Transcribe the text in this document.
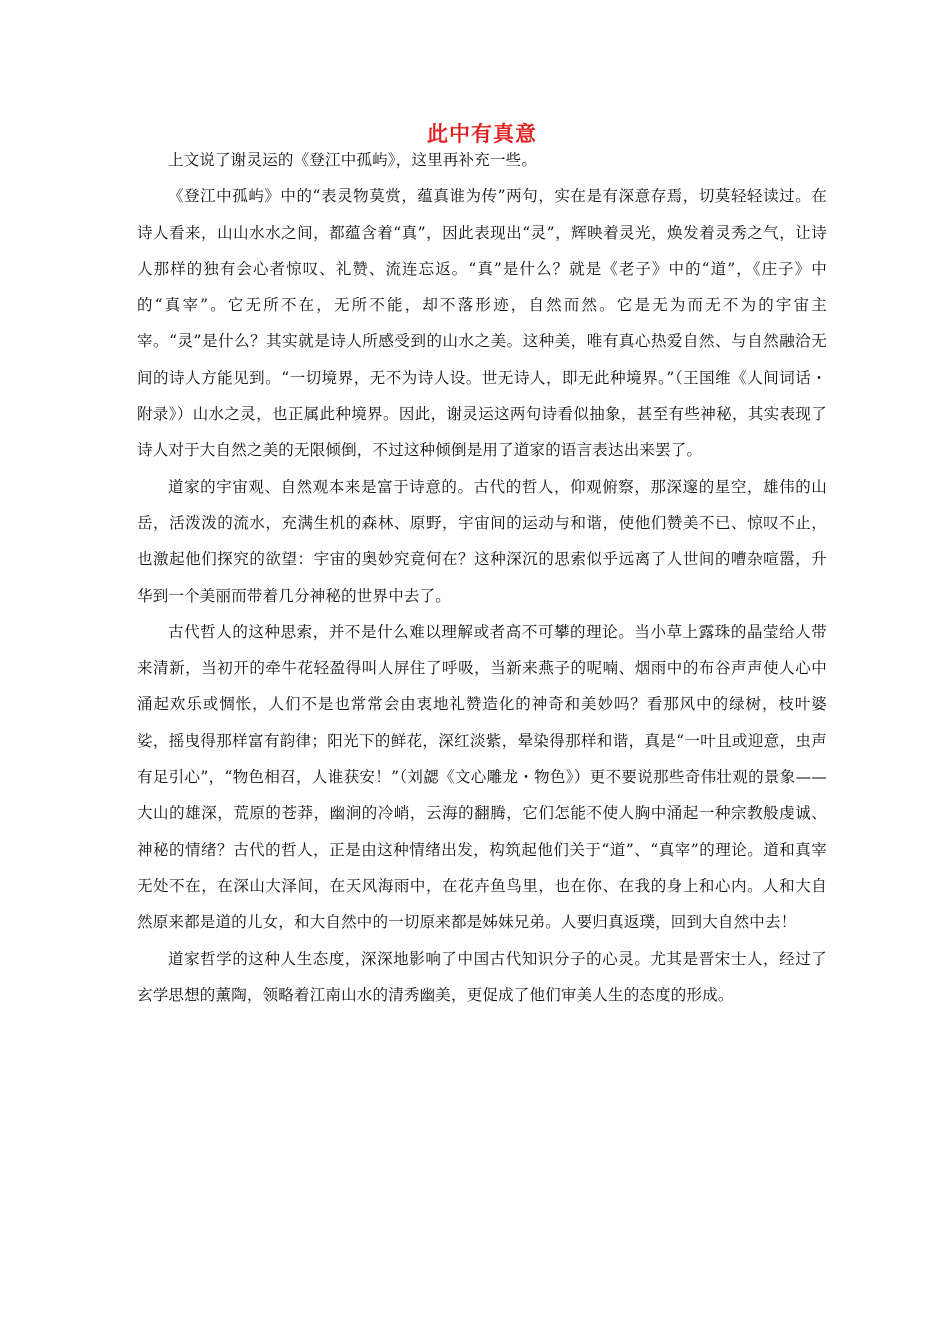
此中有真意

上文说了谢灵运的《登江中孤屿》，这里再补充一些。

《登江中孤屿》中的“表灵物莫赏，蕴真谁为传”两句，实在是有深意存焉，切莫轻轻读过。在诗人看来，山山水水之间，都蕴含着“真”，因此表现出“灵”，辉映着灵光，焕发着灵秀之气，让诗人那样的独有会心者惊叹、礼赞、流连忘返。“真”是什么？就是《老子》中的“道”，《庄子》中的“真宰”。它无所不在，无所不能，却不落形迹，自然而然。它是无为而无不为的宇宙主宰。“灵”是什么？其实就是诗人所感受到的山水之美。这种美，唯有真心热爱自然、与自然融洽无间的诗人方能见到。“一切境界，无不为诗人设。世无诗人，即无此种境界。”（王国维《人间词话・附录》）山水之灵，也正属此种境界。因此，谢灵运这两句诗看似抽象，甚至有些神秘，其实表现了诗人对于大自然之美的无限倾倒，不过这种倾倒是用了道家的语言表达出来罢了。

道家的宇宙观、自然观本来是富于诗意的。古代的哲人，仰观俯察，那深邃的星空，雄伟的山岳，活泼泼的流水，充满生机的森林、原野，宇宙间的运动与和谐，使他们赞美不已、惊叹不止，也激起他们探究的欲望：宇宙的奥妙究竟何在？这种深沉的思索似乎远离了人世间的嘈杂喧嚣，升华到一个美丽而带着几分神秘的世界中去了。

古代哲人的这种思索，并不是什么难以理解或者高不可攀的理论。当小草上露珠的晶莹给人带来清新，当初开的牵牛花轻盈得叫人屏住了呼吸，当新来燕子的呢喃、烟雨中的布谷声声使人心中涌起欢乐或惆怅，人们不是也常常会由衷地礼赞造化的神奇和美妙吗？看那风中的绿树，枝叶婆娑，摇曳得那样富有韵律；阳光下的鲜花，深红淡紫，晕染得那样和谐，真是“一叶且或迎意，虫声有足引心”，“物色相召，人谁获安！”（刘勰《文心雕龙・物色》）更不要说那些奇伟壮观的景象——大山的雄深，荒原的苍莽，幽涧的冷峭，云海的翻腾，它们怎能不使人胸中涌起一种宗教般虔诚、神秘的情绪？古代的哲人，正是由这种情绪出发，构筑起他们关于“道”、“真宰”的理论。道和真宰无处不在，在深山大泽间，在天风海雨中，在花卉鱼鸟里，也在你、在我的身上和心内。人和大自然原来都是道的儿女，和大自然中的一切原来都是姊妹兄弟。人要归真返璞，回到大自然中去！

道家哲学的这种人生态度，深深地影响了中国古代知识分子的心灵。尤其是晋宋士人，经过了玄学思想的薰陶，领略着江南山水的清秀幽美，更促成了他们审美人生的态度的形成。
